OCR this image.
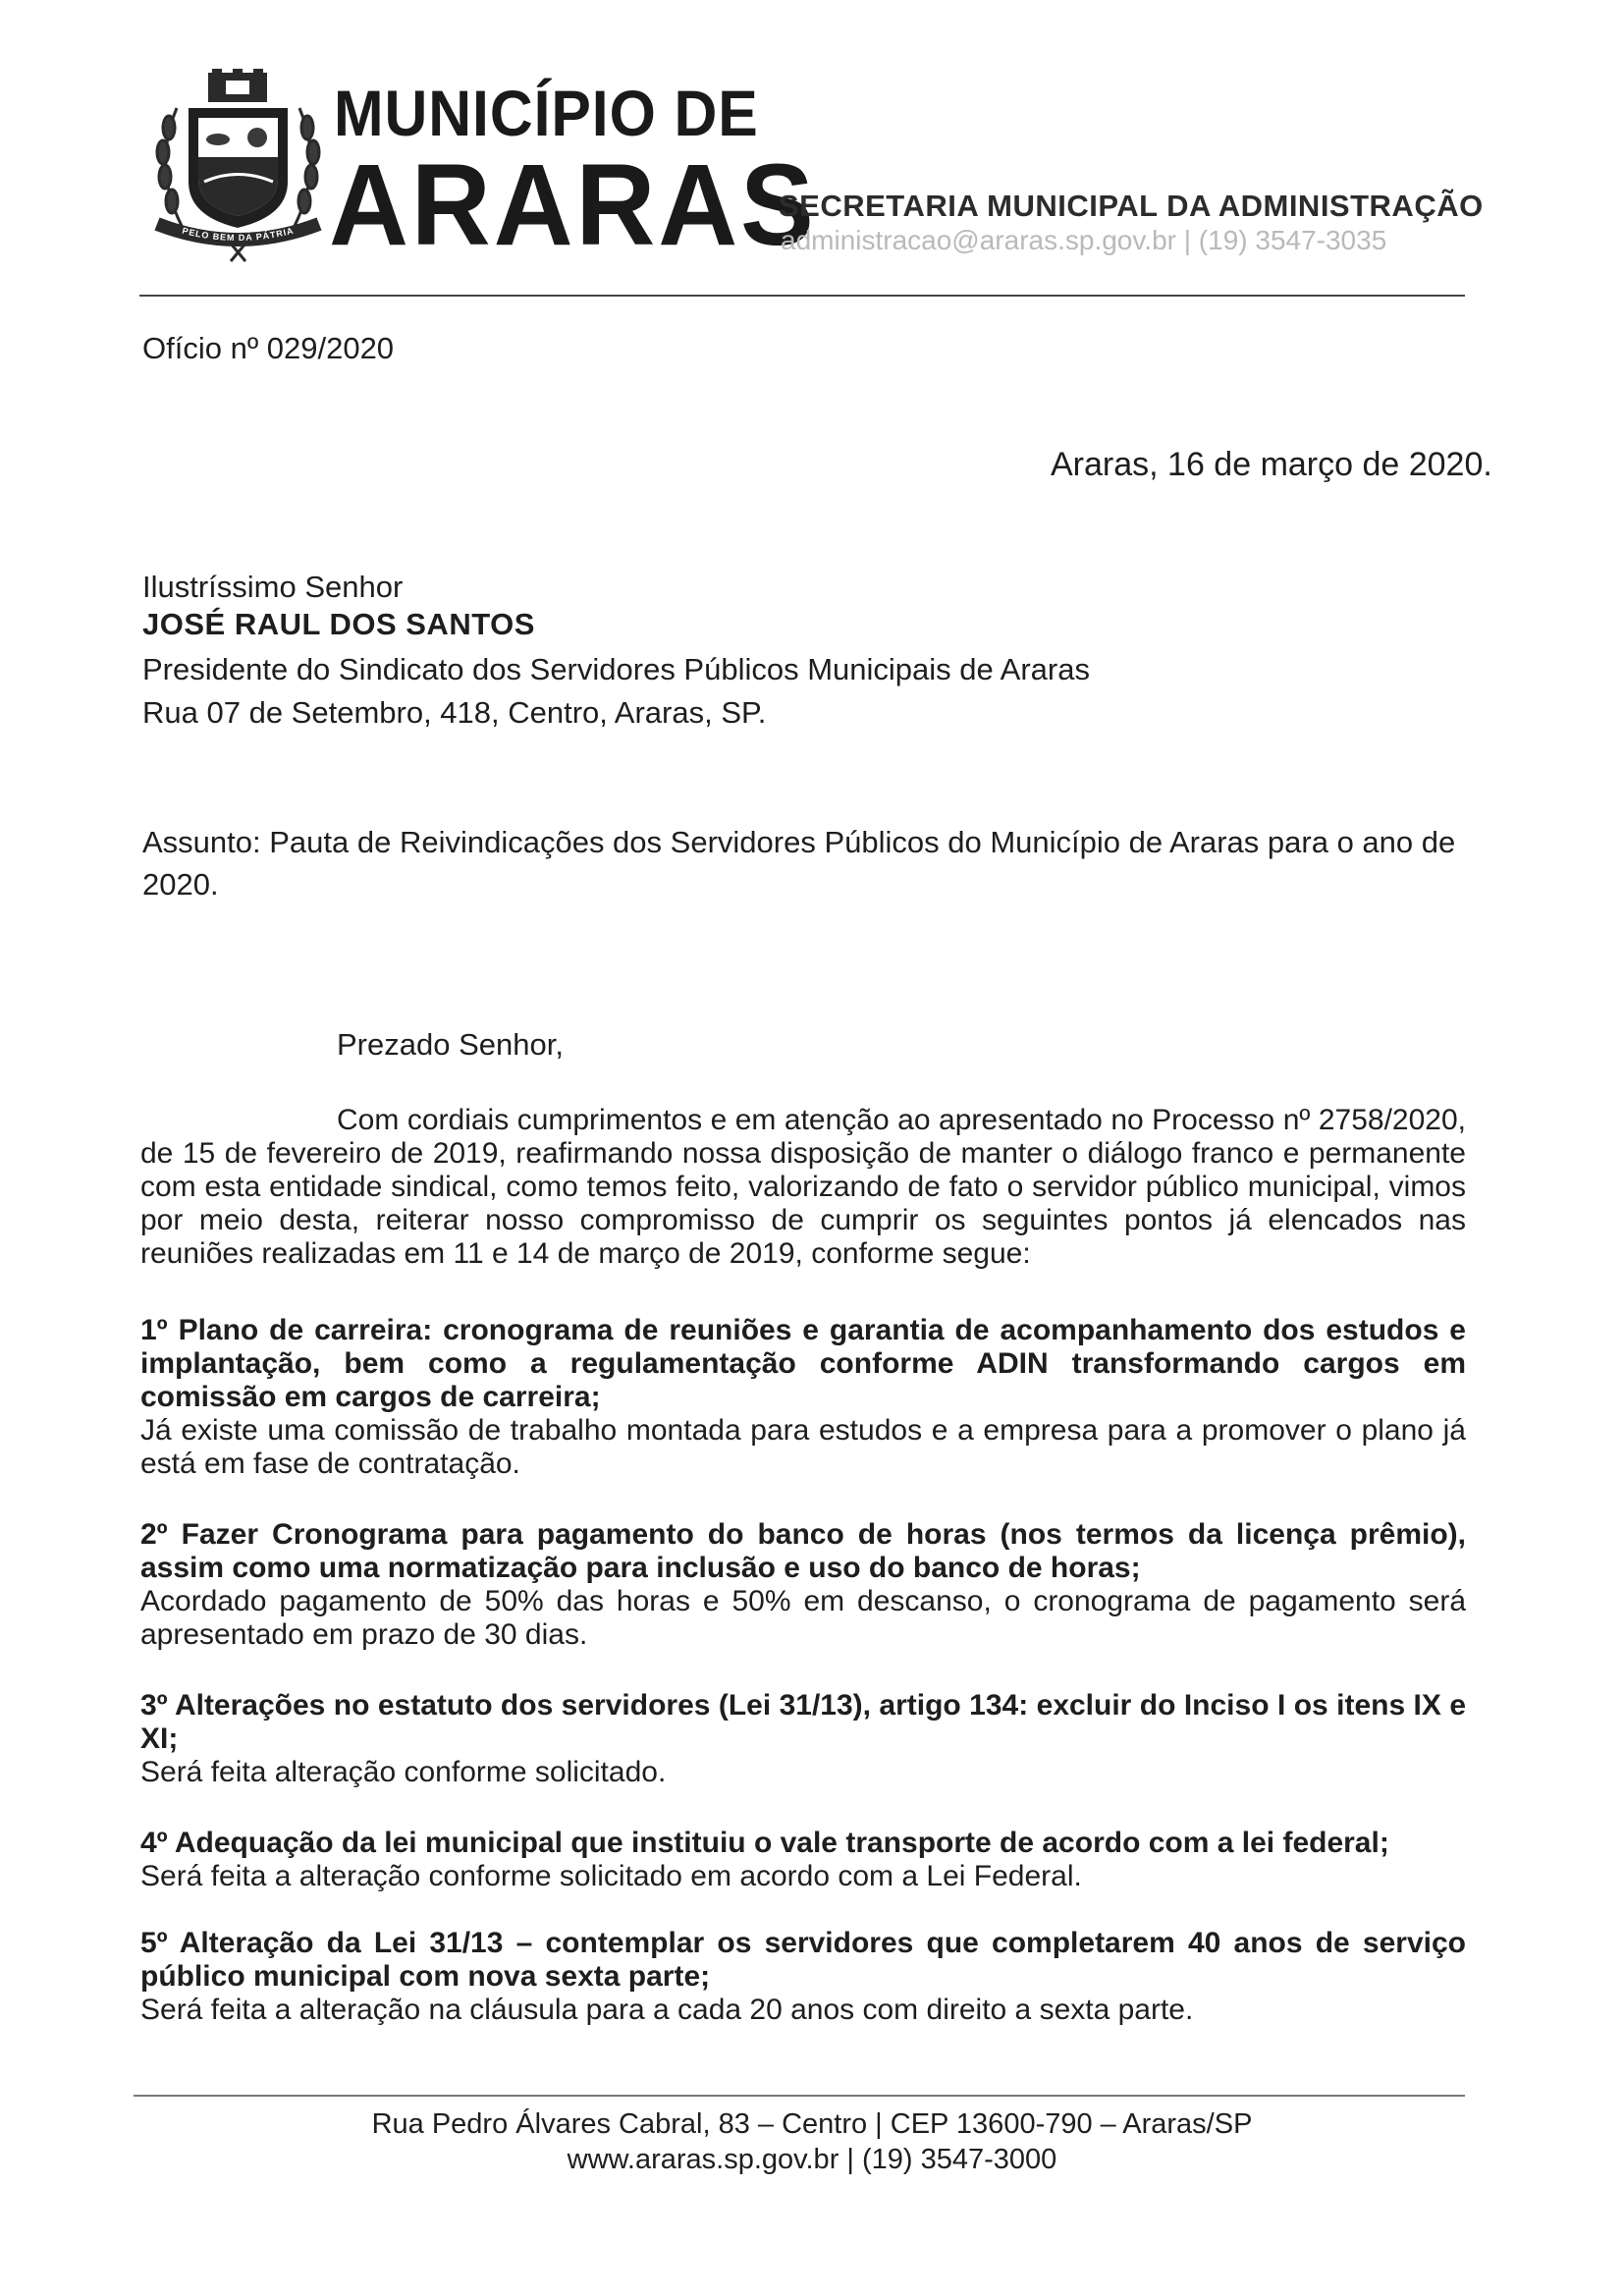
PELO BEM DA PÁTRIA
MUNICÍPIO DE
ARARAS
SECRETARIA MUNICIPAL DA ADMINISTRAÇÃO
administracao@araras.sp.gov.br | (19) 3547-3035
Ofício nº 029/2020
Araras, 16 de março de 2020.
Ilustríssimo Senhor
JOSÉ RAUL DOS SANTOS
Presidente do Sindicato dos Servidores Públicos Municipais de Araras
Rua 07 de Setembro, 418, Centro, Araras, SP.
Assunto: Pauta de Reivindicações dos Servidores Públicos do Município de Araras para o ano de 2020.
Prezado Senhor,
Com cordiais cumprimentos e em atenção ao apresentado no Processo nº 2758/2020, de 15 de fevereiro de 2019, reafirmando nossa disposição de manter o diálogo franco e permanente com esta entidade sindical, como temos feito, valorizando de fato o servidor público municipal, vimos por meio desta, reiterar nosso compromisso de cumprir os seguintes pontos já elencados nas reuniões realizadas em 11 e 14 de março de 2019, conforme segue:
1º Plano de carreira: cronograma de reuniões e garantia de acompanhamento dos estudos e implantação, bem como a regulamentação conforme ADIN transformando cargos em comissão em cargos de carreira;
Já existe uma comissão de trabalho montada para estudos e a empresa para a promover o plano já está em fase de contratação.
2º Fazer Cronograma para pagamento do banco de horas (nos termos da licença prêmio), assim como uma normatização para inclusão e uso do banco de horas;
Acordado pagamento de 50% das horas e 50% em descanso, o cronograma de pagamento será apresentado em prazo de 30 dias.
3º Alterações no estatuto dos servidores (Lei 31/13), artigo 134: excluir do Inciso I os itens IX e XI;
Será feita alteração conforme solicitado.
4º Adequação da lei municipal que instituiu o vale transporte de acordo com a lei federal;
Será feita a alteração conforme solicitado em acordo com a Lei Federal.
5º Alteração da Lei 31/13 – contemplar os servidores que completarem 40 anos de serviço público municipal com nova sexta parte;
Será feita a alteração na cláusula para a cada 20 anos com direito a sexta parte.
Rua Pedro Álvares Cabral, 83 – Centro | CEP 13600-790 – Araras/SP
www.araras.sp.gov.br | (19) 3547-3000
